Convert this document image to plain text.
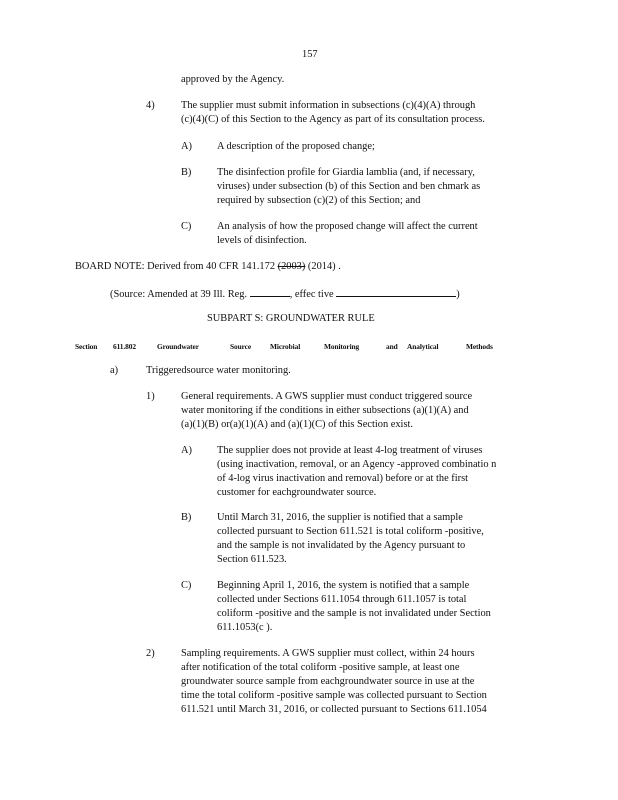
157
approved by the Agency.
4)	The supplier must submit information in subsections (c)(4)(A) through
(c)(4)(C) of this Section to the Agency as part of its consultation process.
A) A description of the proposed change;
B) The disinfection profile for Giardia lamblia (and, if necessary,
viruses) under subsection (b) of this Section and ben chmark as
required by subsection (c)(2) of this Section; and
C) An analysis of how the proposed change will affect the current
levels of disinfection.
BOARD NOTE: Derived from 40 CFR 141.172 (2003) (2014) .
(Source: Amended at 39 Ill. Reg.	, effec tive	)
SUBPART S: GROUNDWATER RULE
Section 611.802	Groundwater	Source	Microbial	Monitoring	and Analytical	Methods
a)	Triggeredsource water monitoring.
1)	General requirements. A GWS supplier must conduct triggered source
water monitoring if the conditions in either subsections (a)(1)(A) and
(a)(1)(B) or(a)(1)(A) and (a)(1)(C) of this Section exist.
A) The supplier does not provide at least 4-log treatment of viruses
(using inactivation, removal, or an Agency -approved combinatio n
of 4-log virus inactivation and removal) before or at the first
customer for eachgroundwater source.
B) Until March 31, 2016, the supplier is notified that a sample
collected pursuant to Section 611.521 is total coliform -positive,
and the sample is not invalidated by the Agency pursuant to
Section 611.523.
C) Beginning April 1, 2016, the system is notified that a sample
collected under Sections 611.1054 through 611.1057 is total
coliform -positive and the sample is not invalidated under Section
611.1053(c ).
2)	Sampling requirements. A GWS supplier must collect, within 24 hours
after notification of the total coliform -positive sample, at least one
groundwater source sample from eachgroundwater source in use at the
time the total coliform -positive sample was collected pursuant to Section
611.521 until March 31, 2016, or collected pursuant to Sections 611.1054
